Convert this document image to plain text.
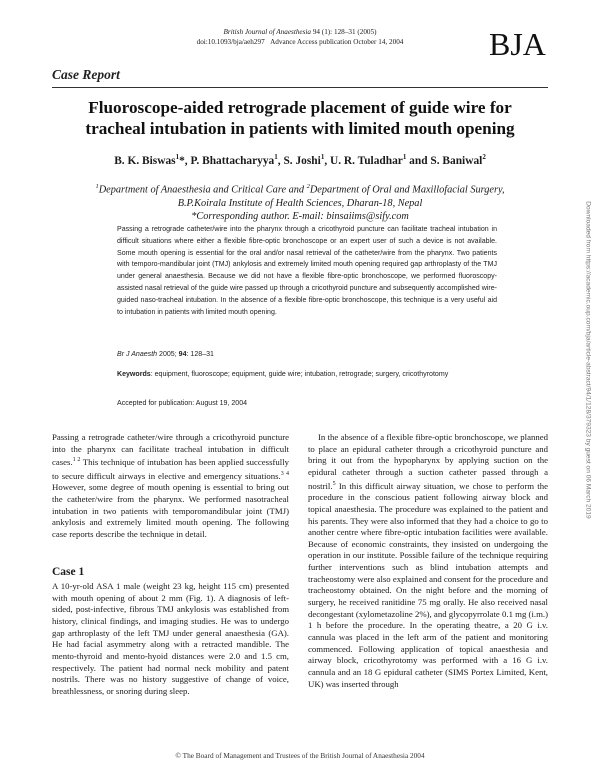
British Journal of Anaesthesia 94 (1): 128–31 (2005)
doi:10.1093/bja/aeh297 Advance Access publication October 14, 2004	BJA
Case Report
Fluoroscope-aided retrograde placement of guide wire for
tracheal intubation in patients with limited mouth opening
B. K. Biswas$^1$*, P. Bhattacharyya$^1$, S. Joshi$^1$, U. R. Tuladhar$^1$ and S. Baniwal$^2$
$^1$Department of Anaesthesia and Critical Care and $^2$Department of Oral and Maxillofacial Surgery,
B.P.Koirala Institute of Health Sciences, Dharan-18, Nepal
*Corresponding author. E-mail: binsaiims@sify.com
Passing a retrograde catheter/wire into the pharynx through a cricothyroid puncture can facilitate tracheal intubation in difficult situations where either a flexible fibre-optic bronchoscope or an expert user of such a device is not available. Some mouth opening is essential for the oral and/or nasal retrieval of the catheter/wire from the pharynx. Two patients with temporo-mandibular joint (TMJ) ankylosis and extremely limited mouth opening required gap arthroplasty of the TMJ under general anaesthesia. Because we did not have a flexible fibre-optic bronchoscope, we performed fluoroscopy-assisted nasal retrieval of the guide wire passed up through a cricothyroid puncture and subsequently accomplished wire-guided naso-tracheal intubation. In the absence of a flexible fibre-optic bronchoscope, this technique is a very useful aid to intubation in patients with limited mouth opening.
Br J Anaesth 2005; 94: 128–31
Keywords: equipment, fluoroscope; equipment, guide wire; intubation, retrograde; surgery, cricothyrotomy
Accepted for publication: August 19, 2004

Passing a retrograde catheter/wire through a cricothyroid puncture into the pharynx can facilitate tracheal intubation in difficult cases.$^{1 2}$ This technique of intubation has been applied successfully to secure difficult airways in elective and emergency situations.$^{3 4}$ However, some degree of mouth opening is essential to bring out the catheter/wire from the pharynx. We performed nasotracheal intubation in two patients with temporomandibular joint (TMJ) ankylosis and extremely limited mouth opening. The following case reports describe the technique in detail.

Case 1

A 10-yr-old ASA 1 male (weight 23 kg, height 115 cm) presented with mouth opening of about 2 mm (Fig. 1). A diagnosis of left-sided, post-infective, fibrous TMJ ankylosis was established from history, clinical findings, and imaging studies. He was to undergo gap arthroplasty of the left TMJ under general anaesthesia (GA). He had facial asymmetry along with a retracted mandible. The mento-thyroid and mento-hyoid distances were 2.0 and 1.5 cm, respectively. The patient had normal neck mobility and patent nostrils. There was no history suggestive of change of voice, breathlessness, or snoring during sleep.

In the absence of a flexible fibre-optic bronchoscope, we planned to place an epidural catheter through a cricothyroid puncture and bring it out from the hypopharynx by applying suction on the epidural catheter through a suction catheter passed through a nostril.$^5$ In this difficult airway situation, we chose to perform the procedure in the conscious patient following airway block and topical anaesthesia. The procedure was explained to the patient and his parents. They were also informed that they had a choice to go to another centre where fibre-optic intubation facilities were available. Because of economic constraints, they insisted on undergoing the operation in our institute. Possible failure of the technique requiring further interventions such as blind intubation attempts and tracheostomy were also explained and consent for the procedure and tracheostomy obtained. On the night before and the morning of surgery, he received ranitidine 75 mg orally. He also received nasal decongestant (xylometazoline 2%), and glycopyrrolate 0.1 mg (i.m.) 1 h before the procedure. In the operating theatre, a 20 G i.v. cannula was placed in the left arm of the patient and monitoring commenced. Following application of topical anaesthesia and airway block, cricothyrotomy was performed with a 16 G i.v. cannula and an 18 G epidural catheter (SIMS Portex Limited, Kent, UK) was inserted through

Downloaded from https://academic.oup.com/bja/article-abstract/94/1/128/379323 by guest on 06 March 2019
© The Board of Management and Trustees of the British Journal of Anaesthesia 2004
